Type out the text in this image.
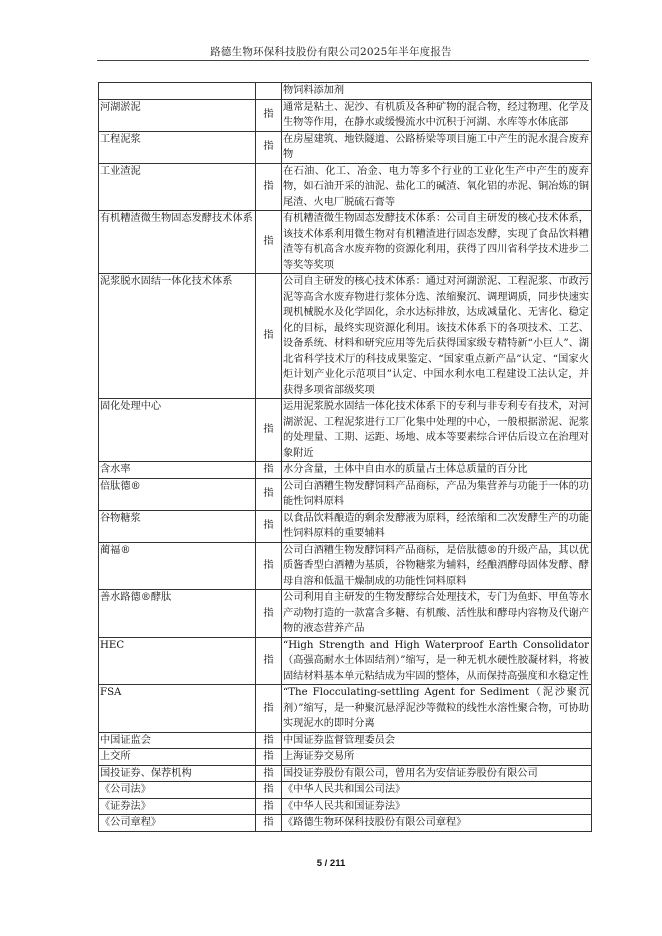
路德生物环保科技股份有限公司2025年半年度报告
		物饲料添加剂
河湖淤泥	指	通常是粘土、泥沙、有机质及各种矿物的混合物，经过物理、化学及生物等作用，在静水或缓慢流水中沉积于河湖、水库等水体底部
工程泥浆	指	在房屋建筑、地铁隧道、公路桥梁等项目施工中产生的泥水混合废弃物
工业渣泥	指	在石油、化工、冶金、电力等多个行业的工业化生产中产生的废弃物，如石油开采的油泥、盐化工的碱渣、氧化铝的赤泥、铜冶炼的铜尾渣、火电厂脱硫石膏等
有机糟渣微生物固态发酵技术体系	指	有机糟渣微生物固态发酵技术体系：公司自主研发的核心技术体系，该技术体系利用微生物对有机糟渣进行固态发酵，实现了食品饮料糟渣等有机高含水废弃物的资源化利用，获得了四川省科学技术进步二等奖等奖项
泥浆脱水固结一体化技术体系	指	公司自主研发的核心技术体系：通过对河湖淤泥、工程泥浆、市政污泥等高含水废弃物进行浆体分选、浓缩聚沉、调理调质，同步快速实现机械脱水及化学固化，余水达标排放，达成减量化、无害化、稳定化的目标，最终实现资源化利用。该技术体系下的各项技术、工艺、设备系统、材料和研究应用等先后获得国家级专精特新“小巨人”、湖北省科学技术厅的科技成果鉴定、“国家重点新产品”认定、“国家火炬计划产业化示范项目”认定、中国水利水电工程建设工法认定，并获得多项省部级奖项
固化处理中心	指	运用泥浆脱水固结一体化技术体系下的专利与非专利专有技术，对河湖淤泥、工程泥浆进行工厂化集中处理的中心，一般根据淤泥、泥浆的处理量、工期、运距、场地、成本等要素综合评估后设立在治理对象附近
含水率	指	水分含量，土体中自由水的质量占土体总质量的百分比
倍肽德®	指	公司白酒糟生物发酵饲料产品商标，产品为集营养与功能于一体的功能性饲料原料
谷物糖浆	指	以食品饮料酿造的剩余发酵液为原料，经浓缩和二次发酵生产的功能性饲料原料的重要辅料
蔺福®	指	公司白酒糟生物发酵饲料产品商标，是倍肽德®的升级产品，其以优质酱香型白酒糟为基质，谷物糖浆为辅料，经酿酒酵母固体发酵、酵母自溶和低温干燥制成的功能性饲料原料
善水路德®酵肽	指	公司利用自主研发的生物发酵综合处理技术，专门为鱼虾、甲鱼等水产动物打造的一款富含多糖、有机酸、活性肽和酵母内容物及代谢产物的液态营养产品
HEC	指	“High Strength and High Waterproof Earth Consolidator（高强高耐水土体固结剂）”缩写，是一种无机水硬性胶凝材料，将被固结材料基本单元粘结成为牢固的整体，从而保持高强度和水稳定性
FSA	指	“The Flocculating-settling Agent for Sediment（泥沙聚沉剂）”缩写，是一种聚沉悬浮泥沙等微粒的线性水溶性聚合物，可协助实现泥水的即时分离
中国证监会	指	中国证券监督管理委员会
上交所	指	上海证券交易所
国投证券、保荐机构	指	国投证券股份有限公司，曾用名为安信证券股份有限公司
《公司法》	指	《中华人民共和国公司法》
《证券法》	指	《中华人民共和国证券法》
《公司章程》	指	《路德生物环保科技股份有限公司章程》
5 / 211
